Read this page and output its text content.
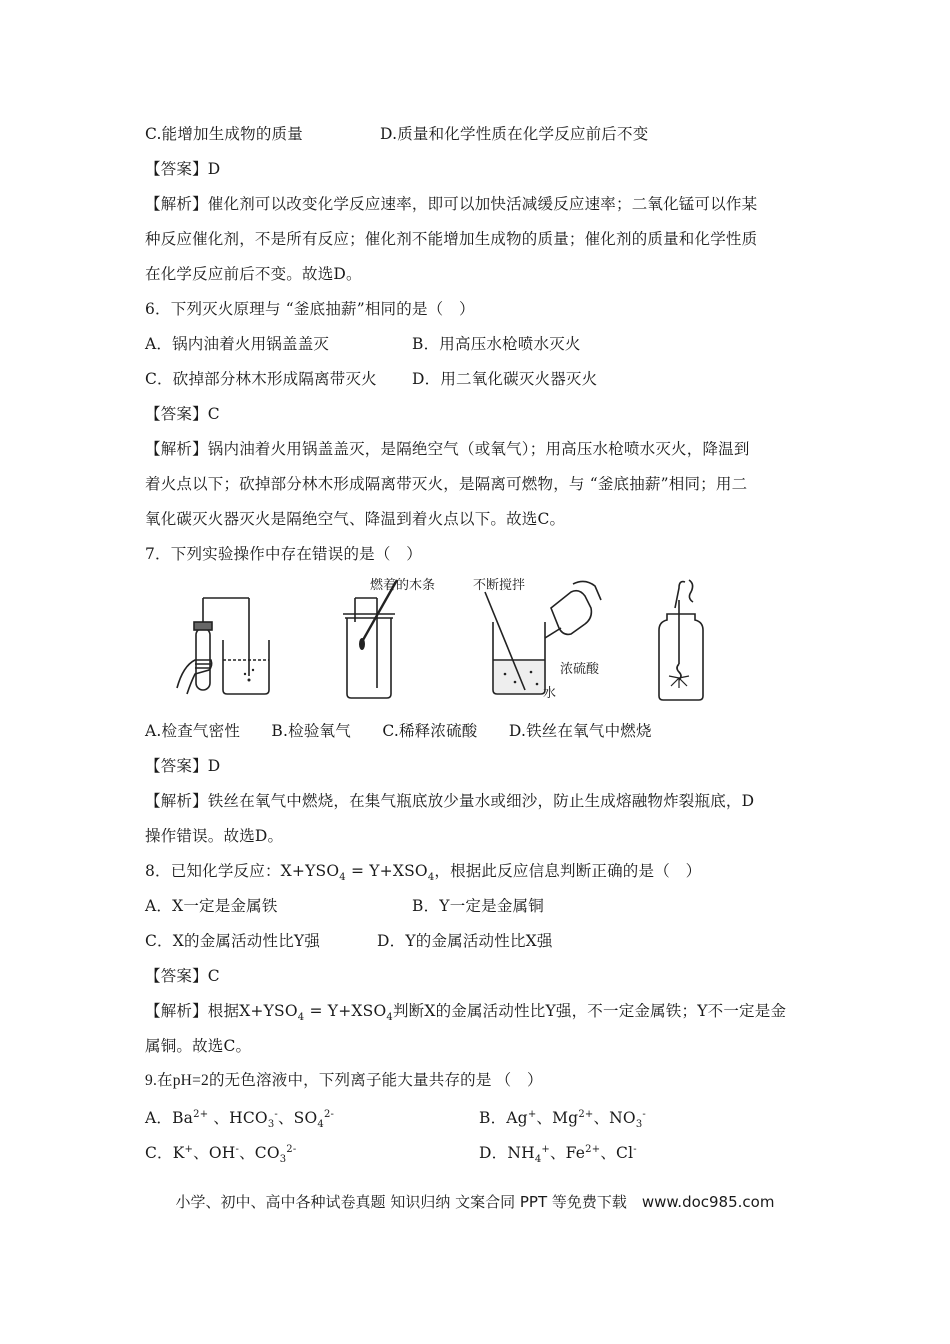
C.能增加生成物的质量	D.质量和化学性质在化学反应前后不变
【答案】D
【解析】催化剂可以改变化学反应速率，即可以加快活减缓反应速率；二氧化锰可以作某
种反应催化剂，不是所有反应；催化剂不能增加生成物的质量；催化剂的质量和化学性质
在化学反应前后不变。故选D。
6．下列灭火原理与 “釜底抽薪”相同的是（　）
A．锅内油着火用锅盖盖灭	B．用高压水枪喷水灭火
C．砍掉部分林木形成隔离带灭火 D．用二氧化碳灭火器灭火
【答案】C
【解析】锅内油着火用锅盖盖灭，是隔绝空气（或氧气）；用高压水枪喷水灭火，降温到
着火点以下；砍掉部分林木形成隔离带灭火，是隔离可燃物，与 “釜底抽薪”相同；用二
氧化碳灭火器灭火是隔绝空气、降温到着火点以下。故选C。
7．下列实验操作中存在错误的是（　）
燃着的木条	不断搅拌
浓硫酸
水
A.检查气密性　　B.检验氧气　　C.稀释浓硫酸　　D.铁丝在氧气中燃烧
【答案】D
【解析】铁丝在氧气中燃烧，在集气瓶底放少量水或细沙，防止生成熔融物炸裂瓶底，D
操作错误。故选D。
8．已知化学反应：$X+YSO_4 = Y+XSO_4$，根据此反应信息判断正确的是（　）
A．X一定是金属铁	B．Y一定是金属铜
C．X的金属活动性比Y强	D．Y的金属活动性比X强
【答案】C
【解析】根据$X+YSO_4 = Y+XSO_4$判断X的金属活动性比Y强，不一定金属铁；Y不一定是金
属铜。故选C。
9.在pH=2的无色溶液中，下列离子能大量共存的是 （　）
A．$Ba^{2+}$ 、$HCO_3^-$、$SO_4^{2-}$	B．Ag+、$Mg^{2+}$、$NO_3^-$
C．K+、OH-、$CO_3^{2-}$	D．$NH_4^+$、$Fe^{2+}$、Cl-
小学、初中、高中各种试卷真题 知识归纳 文案合同 PPT 等免费下载　www.doc985.com
